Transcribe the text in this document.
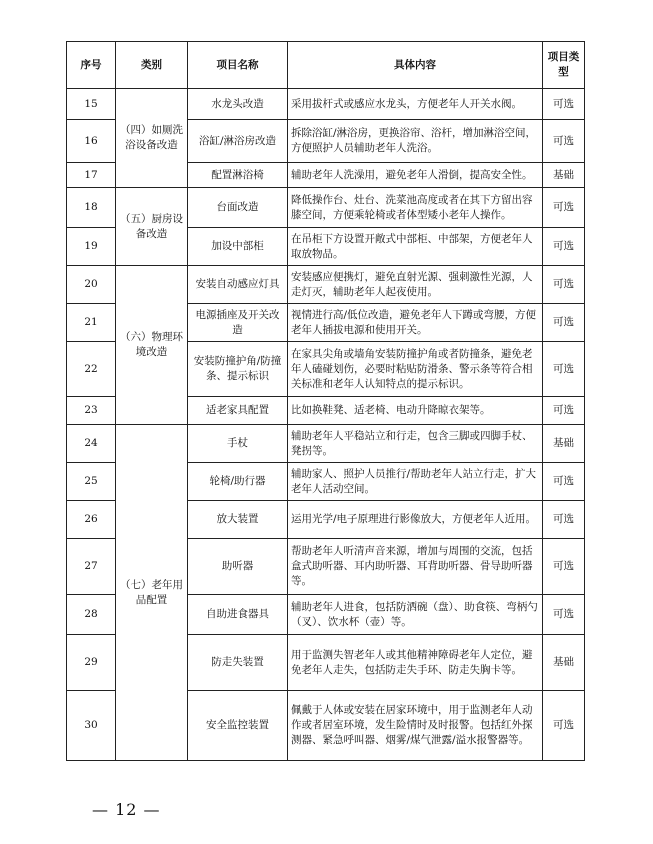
序号	类别	项目名称	具体内容	项目类型
15	（四）如厕洗浴设备改造	水龙头改造	采用拔杆式或感应水龙头，方便老年人开关水阀。	可选
16		浴缸/淋浴房改造	拆除浴缸/淋浴房，更换浴帘、浴杆，增加淋浴空间，方便照护人员辅助老年人洗浴。	可选
17		配置淋浴椅	辅助老年人洗澡用，避免老年人滑倒，提高安全性。	基础
18	（五）厨房设备改造	台面改造	降低操作台、灶台、洗菜池高度或者在其下方留出容膝空间，方便乘轮椅或者体型矮小老年人操作。	可选
19		加设中部柜	在吊柜下方设置开敞式中部柜、中部架，方便老年人取放物品。	可选
20	（六）物理环境改造	安装自动感应灯具	安装感应便携灯，避免直射光源、强刺激性光源，人走灯灭，辅助老年人起夜使用。	可选
21		电源插座及开关改造	视情进行高/低位改造，避免老年人下蹲或弯腰，方便老年人插拔电源和使用开关。	可选
22		安装防撞护角/防撞条、提示标识	在家具尖角或墙角安装防撞护角或者防撞条，避免老年人磕碰划伤，必要时粘贴防滑条、警示条等符合相关标准和老年人认知特点的提示标识。	可选
23		适老家具配置	比如换鞋凳、适老椅、电动升降晾衣架等。	可选
24	（七）老年用品配置	手杖	辅助老年人平稳站立和行走，包含三脚或四脚手杖、凳拐等。	基础
25		轮椅/助行器	辅助家人、照护人员推行/帮助老年人站立行走，扩大老年人活动空间。	可选
26		放大装置	运用光学/电子原理进行影像放大，方便老年人近用。	可选
27		助听器	帮助老年人听清声音来源，增加与周围的交流，包括盒式助听器、耳内助听器、耳背助听器、骨导助听器等。	可选
28		自助进食器具	辅助老年人进食，包括防洒碗（盘）、助食筷、弯柄勺（叉）、饮水杯（壶）等。	可选
29		防走失装置	用于监测失智老年人或其他精神障碍老年人定位，避免老年人走失，包括防走失手环、防走失胸卡等。	基础
30		安全监控装置	佩戴于人体或安装在居家环境中，用于监测老年人动作或者居室环境，发生险情时及时报警。包括红外探测器、紧急呼叫器、烟雾/煤气泄露/溢水报警器等。	可选
— 12 —
